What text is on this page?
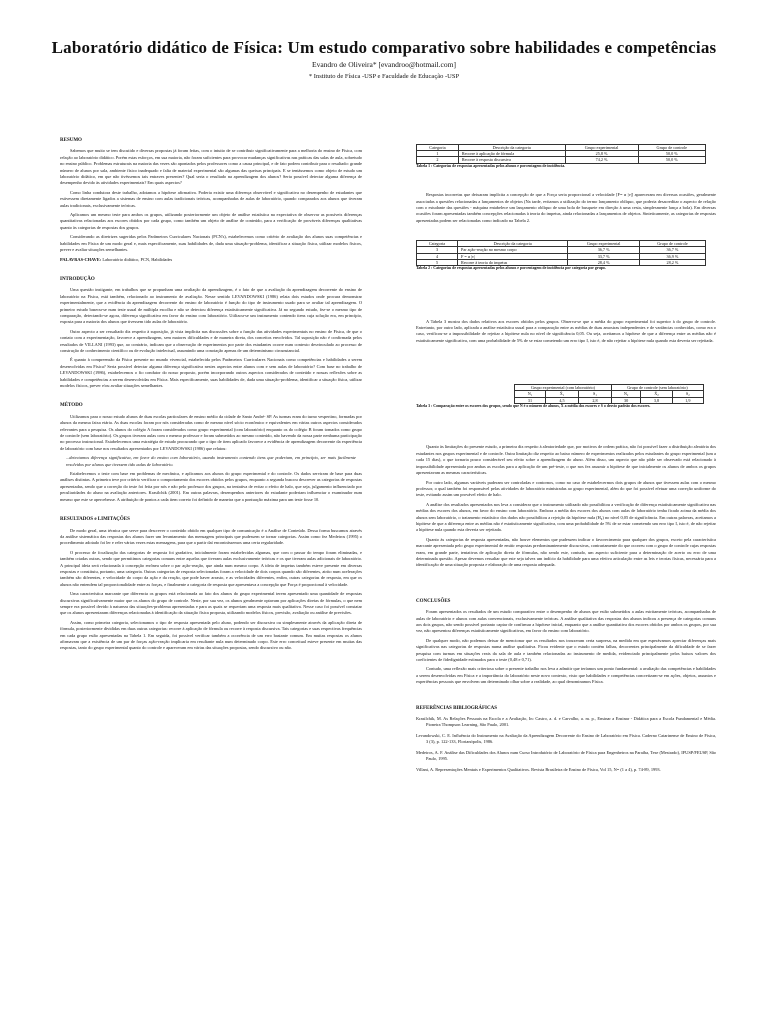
Laboratório didático de Física: Um estudo comparativo sobre habilidades e competências
Evandro de Oliveira* [evandroo@hotmail.com]
* Instituto de Física -USP e Faculdade de Educação -USP
RESUMO

Sabemos que muito se tem discutido e diversas propostas já foram feitas, com o intuito de se contribuir significativamente para a melhoria do ensino de Física, com relação ao laboratório didático. Porém estas esforços, em sua maioria, não foram suficientes para provocar mudanças significativas nas práticas das salas de aula, sobretudo no ensino público. Problemas estruturais na maioria das vezes são apontados pelos professores como a causa principal, e de fato podem contribuir para o resultado: grande número de alunos por sala, ambiente físico inadequado e falta de material experimental são algumas das queixas principais. E se tentássemos como objeto de estudo um laboratório didático, em que não tivéssemos tais entraves presentes? Qual seria o resultado na aprendizagem dos alunos? Seria possível detectar alguma diferença de desempenho devido às atividades experimentais? Em quais aspectos?

Como linha condutora deste trabalho, adotamos a hipótese afirmativa. Poderia existir uma diferença observável e significativa no desempenho de estudantes que estivessem diretamente ligados a sistemas de ensino com aulas tradicionais teóricas, acompanhadas de aulas de laboratório, quando comparados aos alunos que tiveram aulas tradicionais, exclusivamente teóricas.

Aplicamos um mesmo teste para ambos os grupos, utilizando posteriormente um objeto de análise estatística na expectativa de observar as possíveis diferenças quantitativas relacionadas aos escores obtidos por cada grupo, como também um objeto de análise de conteúdo, para a verificação de prováveis diferenças qualitativas quanto às categorias de respostas dos grupos.

Considerando as diretrizes sugeridas pelos Parâmetros Curriculares Nacionais (PCN's), estabelecemos como critério de avaliação dos alunos suas competências e habilidades em Física de um modo geral e, mais especificamente, suas habilidades de, dada uma situação-problema, identificar a situação física, utilizar modelos físicos, prever e avaliar situações semelhantes.

PALAVRAS-CHAVE: Laboratório didático, PCN, Habilidades

INTRODUÇÃO

Uma questão instigante, em trabalhos que se propunham uma avaliação da aprendizagem, é o fato de que a avaliação da aprendizagem decorrente do ensino de laboratório na Física, está também, relacionado ao instrumento de avaliação. Nesse sentido LEVANDOWSKI (1986) relata dois estudos onde procura demonstrar experimentalmente, que a evidência da aprendizagem decorrente do ensino de laboratório é função do tipo de instrumento usado para se avaliar tal aprendizagem. O primeiro estudo baseou-se num teste usual de múltipla escolha e não se detectou diferença estatisticamente significativa. Já no segundo estudo, fez-se o mesmo tipo de comparação, detectando-se agora, diferença significativa em favor do ensino com laboratório. Utilizou-se um instrumento contendo itens cuja solução era, em princípio, exposta para a maioria dos alunos que tivessem tido aulas de laboratório.

Outro aspecto a ser ressaltado diz respeito à suposição, já vista implícita nas discussões sobre a função das atividades experimentais no ensino de Física, de que o contato com a experimentação, favorece a aprendizagem, sem maiores dificuldades e de maneira direta, dos conceitos envolvidos. Tal suposição não é confirmada pelos resultados de VILLANI (1993) que, ao contrário, indicam que a observação de experimentos por parte dos estudantes ocorre num contexto desvinculado ao processo de construção de conhecimento científico ou de evolução intelectual, assumindo uma conotação apenas de um determinismo circunstancial.

É quanto à compreensão da Física presente no mundo vivencial, estabelecida pelos Parâmetros Curriculares Nacionais como competências e habilidades a serem desenvolvidas em Física? Seria possível detectar alguma diferença significativa nestes aspectos entre alunos com e sem aulas de laboratório? Com base no trabalho de LEVANDOWSKI (1986), estabelecemos o fio condutor do nosso proposto, porém incorporando outros aspectos considerados de conteúdo e nossas reflexões sobre as habilidades e competências a serem desenvolvidas em Física. Mais especificamente, suas habilidades de, dada uma situação-problema, identificar a situação física, utilizar modelos físicos, prever e/ou avaliar situações semelhantes.

MÉTODO

Utilizamos para o nosso estudo alunos de duas escolas particulares de ensino médio da cidade de Santo André- SP. As turmas eram do turno vespertino, formadas por alunos da mesma faixa etária. As duas escolas foram por nós consideradas como de mesmo nível sócio econômico e equivalentes em várias outros aspectos considerados relevantes para a pesquisa. Os alunos do colégio A foram considerados como grupo experimental (com laboratório) enquanto os do colégio B foram tomados como grupo de controle (sem laboratório). Os grupos tiveram aulas com o mesmo professor e foram submetidos ao mesmo conteúdo, não havendo da nossa parte nenhuma participação no processo instrucional. Estabelecemos uma estratégia de estudo procurando que o tipo de item aplicado favorece a evidência de aprendizagem decorrente da experiência de laboratório com base nos resultados apresentados por LEVANDOWSKI (1986) que relatou:

...detectamos diferença significativa, em favor do ensino com laboratório, usando instrumento contendo itens que poderiam, em princípio, ser mais facilmente resolvidos por alunos que tivessem tido aulas de laboratório.

Estabelecemos o teste com base em problemas de mecânica, e aplicamos aos alunos do grupo experimental e do controle. Os dados serviram de base para duas análises distintas. A primeira teve por critério verificar o comportamento dos escores obtidos pelos grupos, enquanto a segunda buscou descrever as categorias de respostas apresentadas, sendo que a correção do teste foi feita por nós e não pelo professor dos grupos, na tentativa de evitar o efeito de halo, que seja, julgamento influenciado por peculiaridades do aluno na avaliação anteriores. Krasilchik (2001). Em outras palavras, desempenhos anteriores do estudante poderiam influenciar o examinador num mesmo que este se apercebesse. A atribuição de pontos a cada item correto foi definido de maneira que a pontuação máxima para um teste fosse 10.

RESULTADOS e LIMITAÇÕES

De modo geral, uma técnica que serve para descrever o conteúdo obtido em qualquer tipo de comunicação é a Análise de Conteúdo. Dessa forma buscamos através da análise sistemática das respostas dos alunos fazer um levantamento das mensagens principais que pudessem se tornar categorias. Assim como fez Medeiros (1995) o procedimento adotado foi ler e reler várias vezes estas mensagens, para que a partir daí encontrássemos uma certa regularidade.

O processo de focalização das categorias de resposta foi gradativo, inicialmente foram estabelecidas algumas, que com o passar do tempo foram eliminadas, e também criadas outras, sendo que permitimos categorias comuns entre aquelas que tiveram aulas exclusivamente teóricas e os que tiveram aulas adicionais de laboratório. A principal ideia será relacionada à concepção errônea sobre o par ação-reação, que ainda num mesmo corpo. A ideia de impetus também esteve presente em diversas respostas e constituiu, portanto, uma categoria. Outras categorias de resposta selecionadas foram a velocidade de dois corpos quando são diferentes, atrito num acelerações também são diferentes, e velocidade do corpo da ação e da reação, que pode haver arrasto, e as velocidades diferentes, enfim, outras categorias de resposta, em que os alunos não entendem tal proporcionalidade entre as forças, e finalmente a categoria de resposta que apresentava a concepção que Força é proporcional à velocidade.

Uma característica marcante que diferencia os grupos está relacionada ao fato dos alunos do grupo experimental terem apresentado uma quantidade de respostas discursivas significativamente maior que os alunos do grupo de controle. Neste, por sua vez, os alunos geralmente optavam por aplicações diretas de fórmulas, o que nem sempre era possível devido à natureza das situações-problema apresentadas e para as quais se requeriam uma resposta mais qualitativa. Nesse caso foi possível constatar que os alunos apresentaram diferenças relacionadas à identificação da situação física proposta, utilizando modelos físicos, previsão, avaliação ou análise de previsões.

Assim, como primeira categoria, selecionamos o tipo de resposta apresentada pelo aluno, podendo ser discursiva ou simplesmente através da aplicação direta de fórmula, posteriormente divididas em duas outras categorias: recorre à aplicação de fórmula ou recorre à resposta discursiva. Tais categorias e suas respectivas frequências em cada grupo estão apresentadas na Tabela 1. Em seguida, foi possível verificar também a ocorrência de um erro bastante comum. Em muitas respostas os alunos afirmavam que a existência de um par de forças ação-reação implicaria em resultante nula num determinado corpo. Este erro conceitual esteve presente em muitas das respostas, tanto do grupo experimental quanto do controle e apareceram em várias das situações propostas, sendo discursivo ou não.

Categoria	Descrição da categoria	Grupo experimental	Grupo de controle
1	Recorre à aplicação de fórmula	25,8 %	50,0 %
2	Recorre à resposta discursiva	74,2 %	50,0 %
Tabela 1 : Categorias de respostas apresentadas pelos alunos e porcentagem de incidência.

Respostas incorretas que deixaram implícita a concepção de que a Força seria proporcional a velocidade [F= α |v|] apareceram em diversas ocasiões, geralmente associadas a questões relacionadas a lançamentos de objetos (Na tarde, evitamos a utilização do termo lançamento oblíquo, que poderia desacreditar o aspecto de relação com o estudante das questões - máquina entabelece um lançamento oblíquo de uma bola de busquete em direção à uma cesta, simplesmente lança a bola). Em diversas ocasiões foram apresentadas também concepções relacionadas à teoria do impetus, ainda relacionadas a lançamentos de objetos. Sinteticamente, as categorias de respostas apresentadas podem ser relacionadas como indicado na Tabela 2.

Categoria	Descrição da categoria	Grupo experimental	Grupo de controle
3	Par ação-reação no mesmo corpo	36,7 %	36,7 %
4	F = α |v|	33,7 %	36,9 %
5	Recorre à teoria do impetus	28,4 %	28,2 %
Tabela 2 : Categorias de respostas apresentadas pelos alunos e porcentagem de incidência por categoria por grupo.

A Tabela 3 mostra dos dados relativos aos escores obtidos pelos grupos. Observa-se que a média do grupo experimental foi superior à do grupo de controle. Entretanto, por outro lado, aplicada a análise estatística usual para a comparação entre as médias de duas amostras independentes e de variâncias conhecidas, como era o caso, verificou-se a impossibilidade de rejeitar a hipótese nula no nível de significância 0,05. Ou seja, aceitamos a hipótese de que a diferença entre as médias não é estatisticamente significativa, com uma probabilidade de 5% de se estar cometendo um erro tipo I, isto é, de não rejeitar a hipótese nula quando esta deveria ser rejeitada.

Grupo experimental (com laboratório)			Grupo de controle (sem laboratório)		
N₁	X̄₁	S₁	N₂	X̄₂	S₂
31	4,5	2,8	30	3,8	1,9
Tabela 3 : Comparação entre os escores dos grupos, sendo que N é o número de alunos, X a média dos escores e S o desvio padrão dos escores.

Quanto às limitações do presente estudo, a primeira diz respeito à aleatoriedade que, por motivos de ordem prática, não foi possível fazer a distribuição aleatória dos estudantes nos grupos experimental e de controle. Outra limitação diz respeito ao baixo número de experimentos realizados pelos estudantes do grupo experimental (um a cada 15 dias), o que tornaria pouco considerável seu efeito sobre a aprendizagem do aluno. Além disso, um aspecto que não pôde ser observado está relacionado à impossibilidade apresentada por ambas as escolas para a aplicação de um pré-teste, o que nos fez assumir a hipótese de que inicialmente os alunos de ambos os grupos apresentavam as mesmas características.

Por outro lado, algumas variáveis puderam ser controladas e contornos, como no caso de estabelecermos dois grupos de alunos que tivessem aulas com o mesmo professor, o qual também foi responsável pelas atividades de laboratório ministradas ao grupo experimental, além do que foi possível efetuar uma correção uniforme do teste, evitando assim um provável efeito de halo.

A análise dos resultados apresentados nos leva a considerar que o instrumento utilizado não possibilitou a verificação de diferença estatisticamente significativa nas médias dos escores dos alunos, em favor do ensino com laboratório. Embora a média dos escores dos alunos com aulas de laboratório tenha ficado acima da média dos alunos sem laboratório, o tratamento estatístico dos dados não possibilitou a rejeição da hipótese nula (H₀) no nível 0,05 de significância. Em outras palavras, aceitamos a hipótese de que a diferença entre as médias não é estatisticamente significativa, com uma probabilidade de 5% de se estar cometendo um erro tipo I, isto é, de não rejeitar a hipótese nula quando esta deveria ser rejeitada.

Quanto às categorias de resposta apresentadas, não houve elementos que pudessem indicar o favorecimento para qualquer dos grupos, exceto pela característica marcante apresentada pelo grupo experimental de emitir respostas predominantemente discursivas, contrariamente do que ocorreu com o grupo de controle cujas respostas eram, em grande parte, tentativas de aplicação direta de fórmulas, não sendo este, contudo, um aspecto suficiente para a determinação de acerto ou erro de uma determinada questão. Apesar devemos ressaltar que este seja talvez um indício da habilidade para uma efetiva articulação entre as leis e teorias físicas, necessária para a identificação de uma situação proposta e elaboração de uma resposta adequada.

CONCLUSÕES

Foram apresentados os resultados de um estudo comparativo entre o desempenho de alunos que estão submetidos a aulas estritamente teóricas, acompanhadas de aulas de laboratório e alunos com aulas convencionais, exclusivamente teóricas. A análise qualitativa das respostas dos alunos indicou a presença de categorias comuns aos dois grupos, não sendo possível portanto captar de confirmar a hipótese inicial, enquanto que a análise quantitativa dos escores obtidos por ambos os grupos, por sua vez, não apresentou diferenças estatisticamente significativas, em favor do ensino com laboratório.

De qualquer modo, não podemos deixar de mencionar que os resultados nos trouxeram certa surpresa, na medida em que esperávamos apreciar diferenças mais significativas nas categorias de respostas numa análise qualitativa. Ficou evidente que o estudo contém falhas, decorrentes principalmente da dificuldade de se fazer pesquisa com turmas em situações reais da sala de aula e também relacionadas ao instrumento de medida, evidenciado principalmente pelos baixos valores dos coeficientes de fidedignidade estimados para o teste (0,48 e 0,71).

Contudo, uma reflexão mais criteriosa sobre o presente trabalho nos leva a admitir que teríamos um ponto fundamental: a avaliação das competências e habilidades a serem desenvolvidas em Física e a importância do laboratório neste novo contexto, visto que habilidades e competências concretizam-se em ações, objetos, assuntos e experiências pessoais que envolvem um determinado olhar sobre a realidade, ao qual denominamos Física.

REFERÊNCIAS BIBLIOGRÁFICAS

Krasilchik, M. As Relações Pessoais na Escola e a Avaliação, In: Castro, a. d. e Carvalho, a. m. p., Ensinar a Ensinar - Didática para a Escola Fundamental e Média. Pioneira Thompson Learning, São Paulo, 2001.

Levandowski, C. E. Influência do Instrumento na Avaliação da Aprendizagem Decorrente do Ensino de Laboratório em Física. Caderno Catarinense de Ensino de Física, 3 (3), p. 122-133, Florianópolis, 1986.

Medeiros, A. F. Análise das Dificuldades dos Alunos num Curso Introdutório de Laboratório de Física para Engenheiros na Paraíba, Tese (Mestrado), IFUSP/FEUSP, São Paulo, 1995.

Villani, A. Representações Mentais e Experimentos Qualitativos. Revista Brasileira de Ensino de Física, Vol 15, N= (1 a 4), p. 74-89, 1993.
